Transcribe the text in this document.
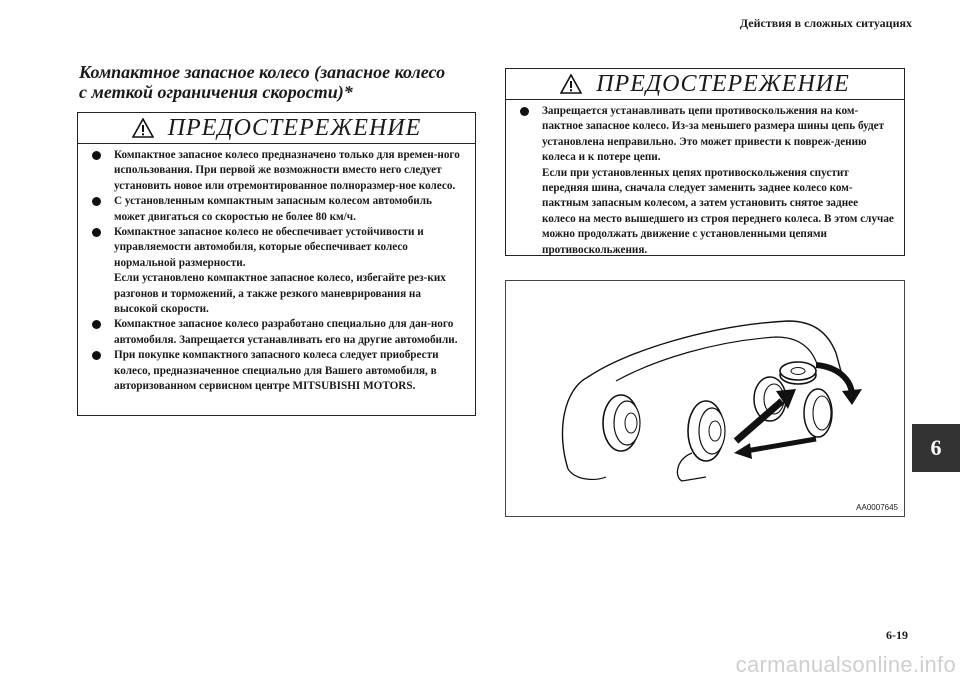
Действия в сложных ситуациях
Компактное запасное колесо (запасное колесо
с меткой ограничения скорости)*
ПРЕДОСТЕРЕЖЕНИЕ

Компактное запасное колесо предназначено только для времен-ного использования. При первой же возможности вместо него следует установить новое или отремонтированное полноразмер-ное колесо.

С установленным компактным запасным колесом автомобиль может двигаться со скоростью не более 80 км/ч.

Компактное запасное колесо не обеспечивает устойчивости и управляемости автомобиля, которые обеспечивает колесо нормальной размерности.

Если установлено компактное запасное колесо, избегайте рез-ких разгонов и торможений, а также резкого маневрирования на высокой скорости.

Компактное запасное колесо разработано специально для дан-ного автомобиля. Запрещается устанавливать его на другие автомобили.

При покупке компактного запасного колеса следует приобрести колесо, предназначенное специально для Вашего автомобиля, в авторизованном сервисном центре MITSUBISHI MOTORS.

ПРЕДОСТЕРЕЖЕНИЕ

Запрещается устанавливать цепи противоскольжения на ком-пактное запасное колесо. Из-за меньшего размера шины цепь будет установлена неправильно. Это может привести к повреж-дению колеса и к потере цепи.

Если при установленных цепях противоскольжения спустит передняя шина, сначала следует заменить заднее колесо ком-пактным запасным колесом, а затем установить снятое заднее колесо на место вышедшего из строя переднего колеса. В этом случае можно продолжать движение с установленными цепями противоскольжения.

AA0007645
6
6-19
carmanualsonline.info
